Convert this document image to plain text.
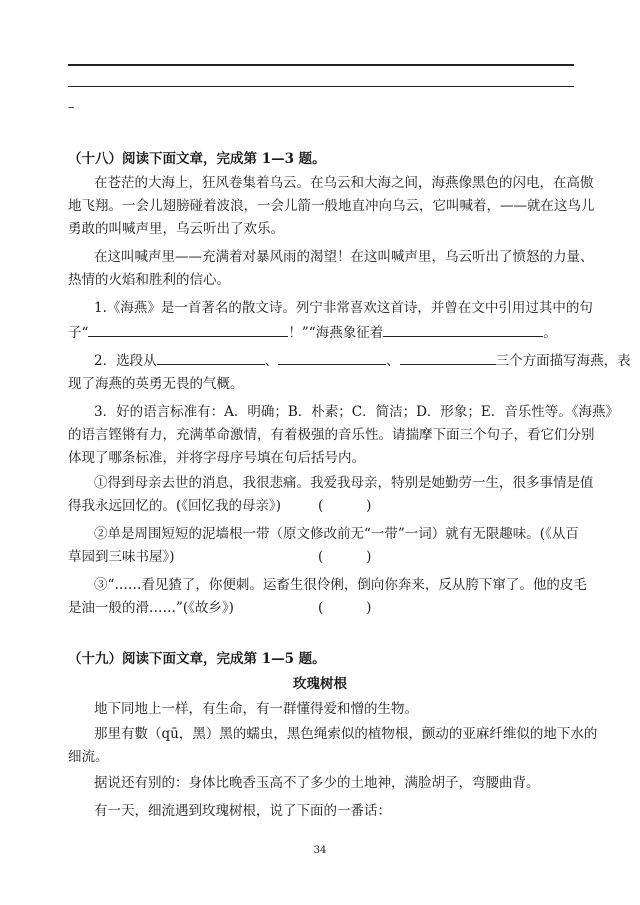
–
（十八）阅读下面文章，完成第 1—3 题。
在苍茫的大海上，狂风卷集着乌云。在乌云和大海之间，海燕像黑色的闪电，在高傲
地飞翔。一会儿翅膀碰着波浪，一会儿箭一般地直冲向乌云，它叫喊着，——就在这鸟儿
勇敢的叫喊声里，乌云听出了欢乐。
在这叫喊声里——充满着对暴风雨的渴望！在这叫喊声里，乌云听出了愤怒的力量、
热情的火焰和胜利的信心。
1.《海燕》是一首著名的散文诗。列宁非常喜欢这首诗，并曾在文中引用过其中的句
子“	！”“海燕象征着	。
2．选段从	、	、	三个方面描写海燕，表
现了海燕的英勇无畏的气概。
3．好的语言标准有：A．明确；B．朴素；C．简洁；D．形象；E．音乐性等。《海燕》
的语言铿锵有力，充满革命激情，有着极强的音乐性。请揣摩下面三个句子，看它们分别
体现了哪条标准，并将字母序号填在句后括号内。
①得到母亲去世的消息，我很悲痛。我爱我母亲，特别是她勤劳一生，很多事情是值
得我永远回忆的。(《回忆我的母亲》)	(          )
②单是周围短短的泥墙根一带（原文修改前无“一带”一词）就有无限趣味。(《从百
草园到三味书屋》)	(          )
③“……看见猹了，你便刺。运畜生很伶俐，倒向你奔来，反从胯下窜了。他的皮毛
是油一般的滑……”(《故乡》)	(          )
（十九）阅读下面文章，完成第 1—5 题。
玫瑰树根
地下同地上一样，有生命，有一群懂得爱和憎的生物。
那里有數（qū，黑）黑的蠕虫，黑色绳索似的植物根，颤动的亚麻纤维似的地下水的
细流。
据说还有别的：身体比晚香玉高不了多少的土地神，满脸胡子，弯腰曲背。
有一天，细流遇到玫瑰树根，说了下面的一番话：
34
